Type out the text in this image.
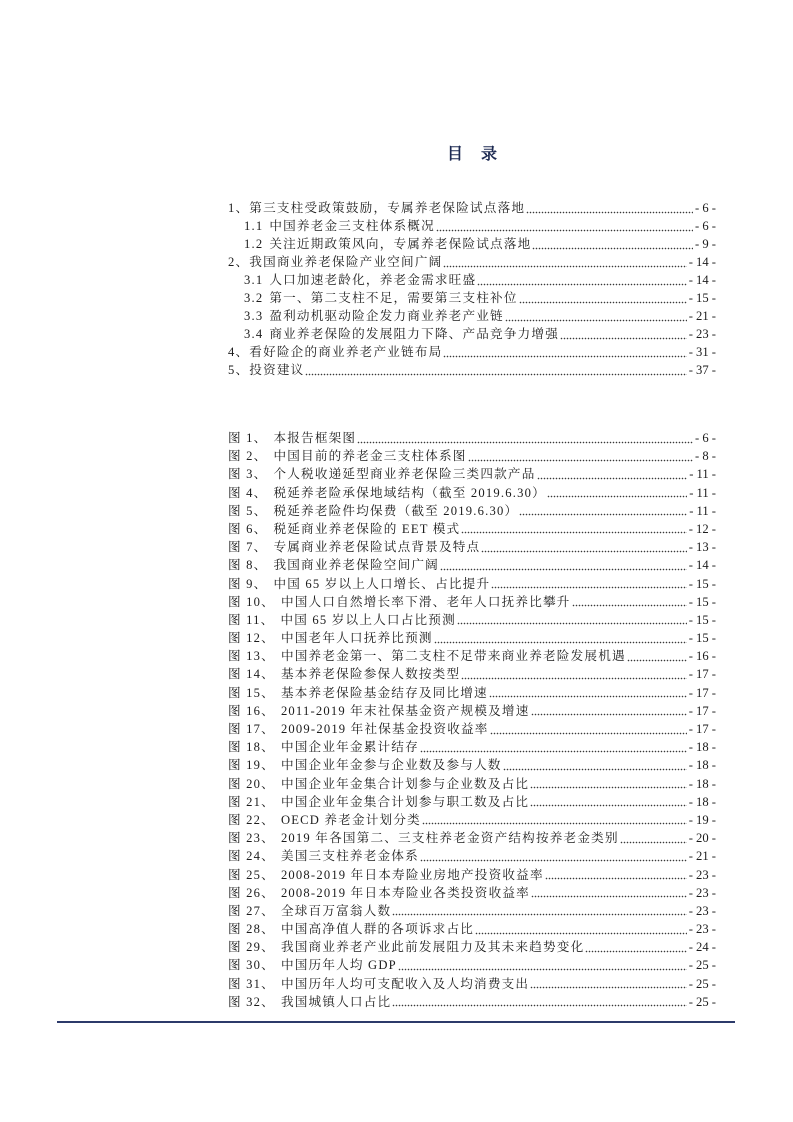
目 录
1、 第三支柱受政策鼓励，专属养老保险试点落地	- 6 -
1.1 中国养老金三支柱体系概况	- 6 -
1.2 关注近期政策风向，专属养老保险试点落地	- 9 -
2、 我国商业养老保险产业空间广阔	- 14 -
3.1 人口加速老龄化，养老金需求旺盛	- 14 -
3.2 第一、第二支柱不足，需要第三支柱补位	- 15 -
3.3 盈利动机驱动险企发力商业养老产业链	- 21 -
3.4 商业养老保险的发展阻力下降、产品竞争力增强	- 23 -
4、 看好险企的商业养老产业链布局	- 31 -
5、 投资建议	- 37 -
图 1、 本报告框架图	- 6 -
图 2、 中国目前的养老金三支柱体系图	- 8 -
图 3、 个人税收递延型商业养老保险三类四款产品	- 11 -
图 4、 税延养老险承保地域结构（截至 2019.6.30）	- 11 -
图 5、 税延养老险件均保费（截至 2019.6.30）	- 11 -
图 6、 税延商业养老保险的 EET 模式	- 12 -
图 7、 专属商业养老保险试点背景及特点	- 13 -
图 8、 我国商业养老保险空间广阔	- 14 -
图 9、 中国 65 岁以上人口增长、占比提升	- 15 -
图 10、 中国人口自然增长率下滑、老年人口抚养比攀升	- 15 -
图 11、 中国 65 岁以上人口占比预测	- 15 -
图 12、 中国老年人口抚养比预测	- 15 -
图 13、 中国养老金第一、第二支柱不足带来商业养老险发展机遇	- 16 -
图 14、 基本养老保险参保人数按类型	- 17 -
图 15、 基本养老保险基金结存及同比增速	- 17 -
图 16、 2011-2019 年末社保基金资产规模及增速	- 17 -
图 17、 2009-2019 年社保基金投资收益率	- 17 -
图 18、 中国企业年金累计结存	- 18 -
图 19、 中国企业年金参与企业数及参与人数	- 18 -
图 20、 中国企业年金集合计划参与企业数及占比	- 18 -
图 21、 中国企业年金集合计划参与职工数及占比	- 18 -
图 22、 OECD 养老金计划分类	- 19 -
图 23、 2019 年各国第二、三支柱养老金资产结构按养老金类别	- 20 -
图 24、 美国三支柱养老金体系	- 21 -
图 25、 2008-2019 年日本寿险业房地产投资收益率	- 23 -
图 26、 2008-2019 年日本寿险业各类投资收益率	- 23 -
图 27、 全球百万富翁人数	- 23 -
图 28、 中国高净值人群的各项诉求占比	- 23 -
图 29、 我国商业养老产业此前发展阻力及其未来趋势变化	- 24 -
图 30、 中国历年人均 GDP	- 25 -
图 31、 中国历年人均可支配收入及人均消费支出	- 25 -
图 32、 我国城镇人口占比	- 25 -
